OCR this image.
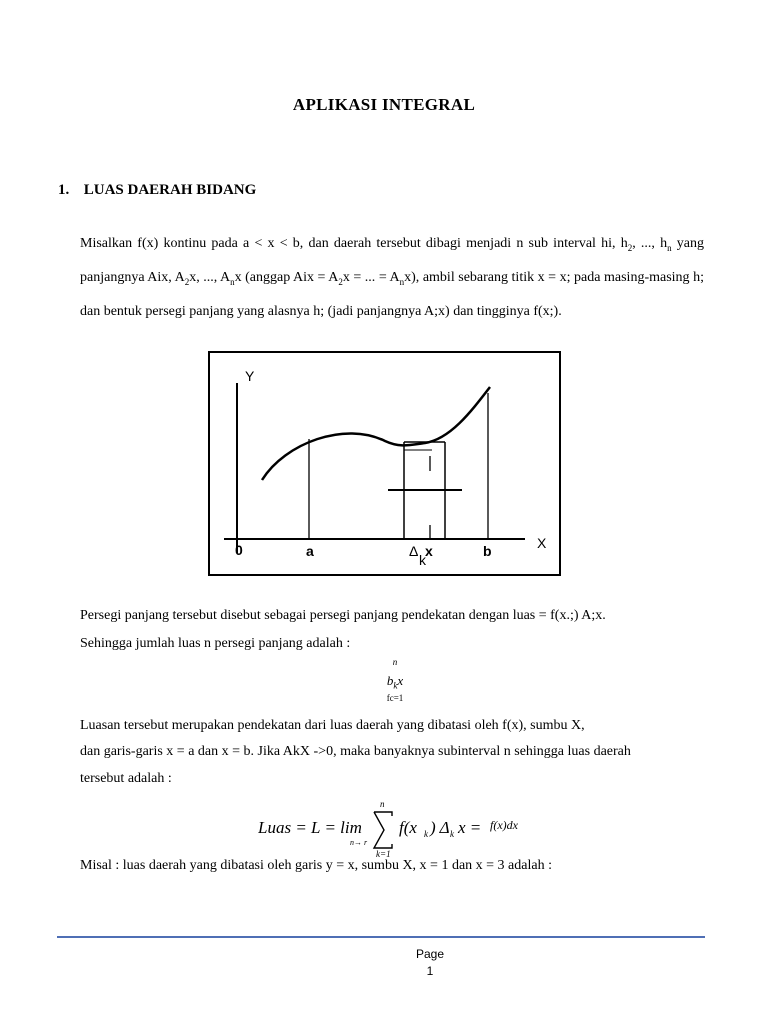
APLIKASI INTEGRAL
1. LUAS DAERAH BIDANG
Misalkan f(x) kontinu pada a < x < b, dan daerah tersebut dibagi menjadi n sub interval hi, $h_2$, ..., $h_n$ yang panjangnya Aix, $A_2x$, ..., $A_nx$ (anggap Aix = $A_2x$ = ... = $A_nx$), ambil sebarang titik x = x; pada masing-masing h; dan bentuk persegi panjang yang alasnya h; (jadi panjangnya A;x) dan tingginya f(x;).
Y
X
0	a	Δ
k
x	b
Persegi panjang tersebut disebut sebagai persegi panjang pendekatan dengan luas = f(x.;) A;x.
Sehingga jumlah luas n persegi panjang adalah :
n
$b_kx$
fc=1
Luasan tersebut merupakan pendekatan dari luas daerah yang dibatasi oleh f(x), sumbu X,
dan garis-garis x = a dan x = b. Jika AkX ->0, maka banyaknya subinterval n sehingga luas daerah
tersebut adalah :
Luas = L = lim
n→ r
n
k=1
f(x k ) Δ k x = f(x)dx
Misal : luas daerah yang dibatasi oleh garis y = x, sumbu X, x = 1 dan x = 3 adalah :
Page
1
